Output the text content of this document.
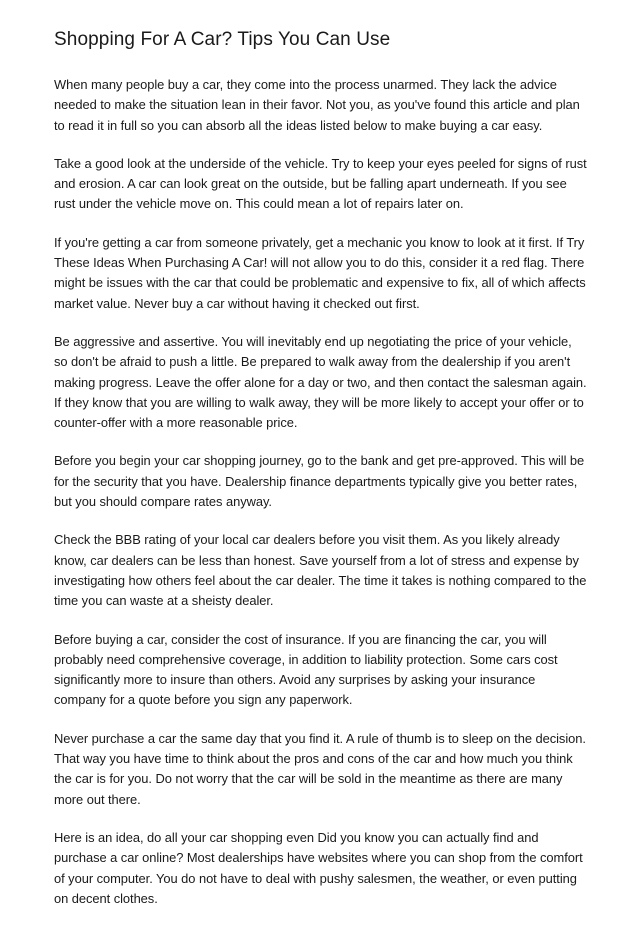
Shopping For A Car? Tips You Can Use

When many people buy a car, they come into the process unarmed. They lack the advice needed to make the situation lean in their favor. Not you, as you've found this article and plan to read it in full so you can absorb all the ideas listed below to make buying a car easy.

Take a good look at the underside of the vehicle. Try to keep your eyes peeled for signs of rust and erosion. A car can look great on the outside, but be falling apart underneath. If you see rust under the vehicle move on. This could mean a lot of repairs later on.

If you're getting a car from someone privately, get a mechanic you know to look at it first. If Try These Ideas When Purchasing A Car! will not allow you to do this, consider it a red flag. There might be issues with the car that could be problematic and expensive to fix, all of which affects market value. Never buy a car without having it checked out first.

Be aggressive and assertive. You will inevitably end up negotiating the price of your vehicle, so don't be afraid to push a little. Be prepared to walk away from the dealership if you aren't making progress. Leave the offer alone for a day or two, and then contact the salesman again. If they know that you are willing to walk away, they will be more likely to accept your offer or to counter-offer with a more reasonable price.

Before you begin your car shopping journey, go to the bank and get pre-approved. This will be for the security that you have. Dealership finance departments typically give you better rates, but you should compare rates anyway.

Check the BBB rating of your local car dealers before you visit them. As you likely already know, car dealers can be less than honest. Save yourself from a lot of stress and expense by investigating how others feel about the car dealer. The time it takes is nothing compared to the time you can waste at a sheisty dealer.

Before buying a car, consider the cost of insurance. If you are financing the car, you will probably need comprehensive coverage, in addition to liability protection. Some cars cost significantly more to insure than others. Avoid any surprises by asking your insurance company for a quote before you sign any paperwork.

Never purchase a car the same day that you find it. A rule of thumb is to sleep on the decision. That way you have time to think about the pros and cons of the car and how much you think the car is for you. Do not worry that the car will be sold in the meantime as there are many more out there.

Here is an idea, do all your car shopping even Did you know you can actually find and purchase a car online? Most dealerships have websites where you can shop from the comfort of your computer. You do not have to deal with pushy salesmen, the weather, or even putting on decent clothes.
